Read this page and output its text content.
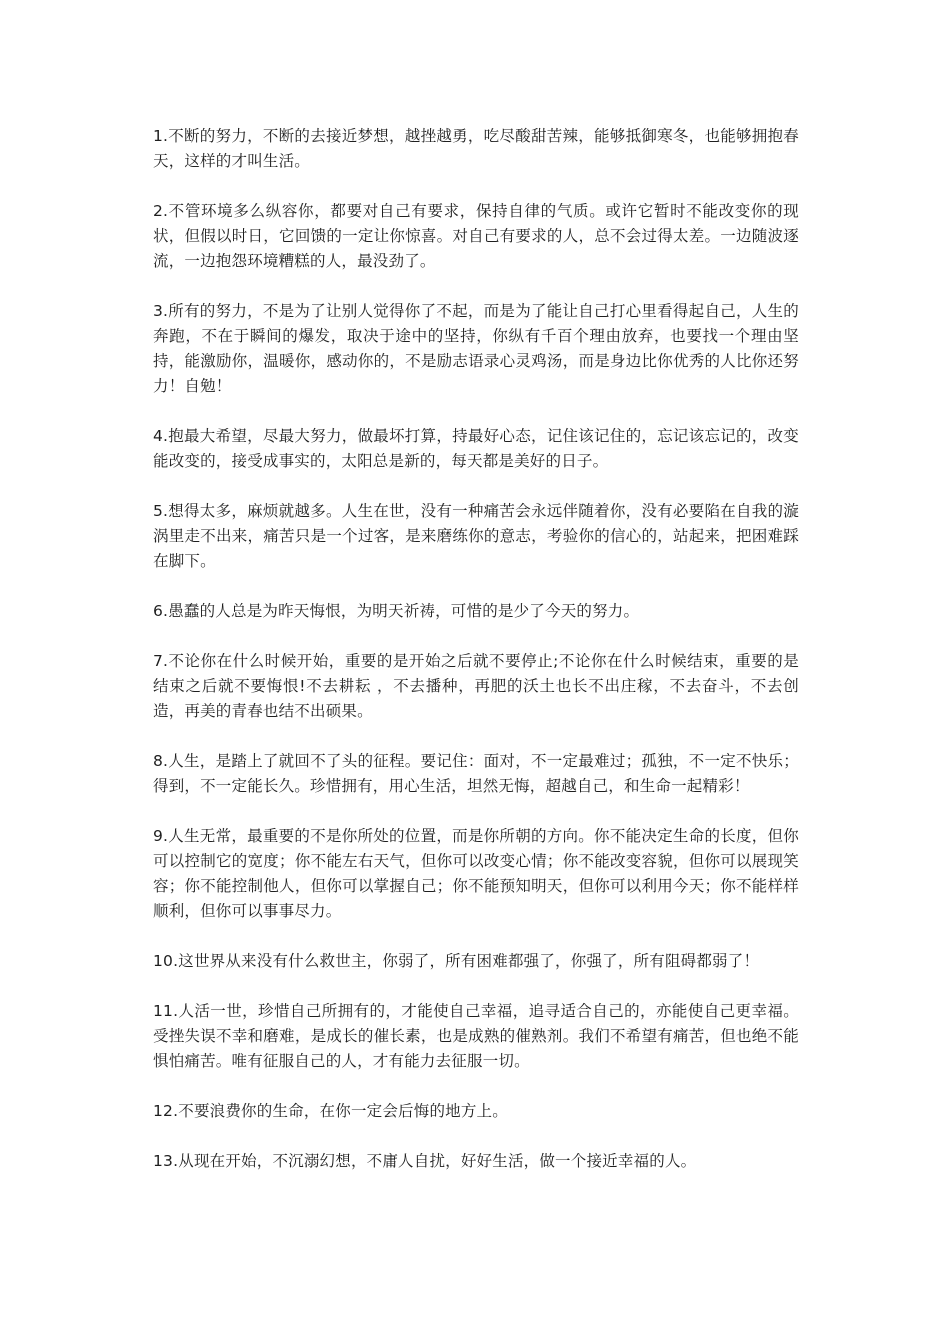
1.不断的努力，不断的去接近梦想，越挫越勇，吃尽酸甜苦辣，能够抵御寒冬，也能够拥抱春天，这样的才叫生活。

2.不管环境多么纵容你，都要对自己有要求，保持自律的气质。或许它暂时不能改变你的现状，但假以时日，它回馈的一定让你惊喜。对自己有要求的人，总不会过得太差。一边随波逐流，一边抱怨环境糟糕的人，最没劲了。

3.所有的努力，不是为了让别人觉得你了不起，而是为了能让自己打心里看得起自己，人生的奔跑，不在于瞬间的爆发，取决于途中的坚持，你纵有千百个理由放弃，也要找一个理由坚持，能激励你，温暖你，感动你的，不是励志语录心灵鸡汤，而是身边比你优秀的人比你还努力！自勉！

4.抱最大希望，尽最大努力，做最坏打算，持最好心态，记住该记住的，忘记该忘记的，改变能改变的，接受成事实的，太阳总是新的，每天都是美好的日子。

5.想得太多，麻烦就越多。人生在世，没有一种痛苦会永远伴随着你，没有必要陷在自我的漩涡里走不出来，痛苦只是一个过客，是来磨练你的意志，考验你的信心的，站起来，把困难踩在脚下。

6.愚蠢的人总是为昨天悔恨，为明天祈祷，可惜的是少了今天的努力。

7.不论你在什么时候开始，重要的是开始之后就不要停止;不论你在什么时候结束，重要的是结束之后就不要悔恨!不去耕耘 ，不去播种，再肥的沃土也长不出庄稼，不去奋斗，不去创造，再美的青春也结不出硕果。

8.人生，是踏上了就回不了头的征程。要记住：面对，不一定最难过；孤独，不一定不快乐；得到，不一定能长久。珍惜拥有，用心生活，坦然无悔，超越自己，和生命一起精彩！

9.人生无常，最重要的不是你所处的位置，而是你所朝的方向。你不能决定生命的长度，但你可以控制它的宽度；你不能左右天气，但你可以改变心情；你不能改变容貌，但你可以展现笑容；你不能控制他人，但你可以掌握自己；你不能预知明天，但你可以利用今天；你不能样样顺利，但你可以事事尽力。

10.这世界从来没有什么救世主，你弱了，所有困难都强了，你强了，所有阻碍都弱了！

11.人活一世，珍惜自己所拥有的，才能使自己幸福，追寻适合自己的，亦能使自己更幸福。受挫失误不幸和磨难，是成长的催长素，也是成熟的催熟剂。我们不希望有痛苦，但也绝不能惧怕痛苦。唯有征服自己的人，才有能力去征服一切。

12.不要浪费你的生命，在你一定会后悔的地方上。

13.从现在开始，不沉溺幻想，不庸人自扰，好好生活，做一个接近幸福的人。
